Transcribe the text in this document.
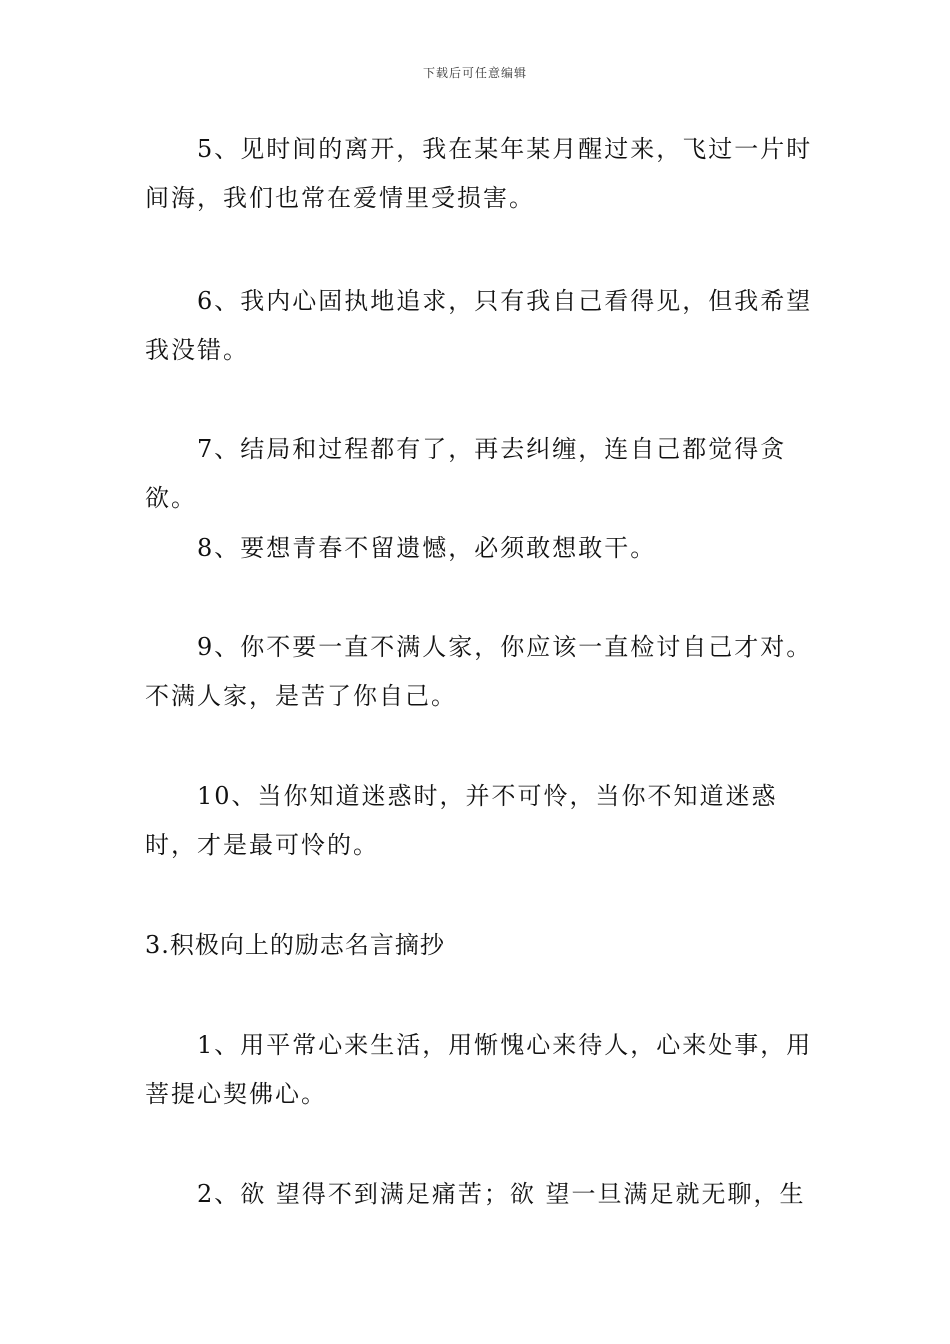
下载后可任意编辑

5、见时间的离开，我在某年某月醒过来，飞过一片时间海，我们也常在爱情里受损害。

6、我内心固执地追求，只有我自己看得见，但我希望我没错。

7、结局和过程都有了，再去纠缠，连自己都觉得贪欲。

8、要想青春不留遗憾，必须敢想敢干。

9、你不要一直不满人家，你应该一直检讨自己才对。不满人家，是苦了你自己。

10、当你知道迷惑时，并不可怜，当你不知道迷惑时，才是最可怜的。

3.积极向上的励志名言摘抄

1、用平常心来生活，用惭愧心来待人，心来处事，用菩提心契佛心。

2、欲 望得不到满足痛苦；欲 望一旦满足就无聊，生
